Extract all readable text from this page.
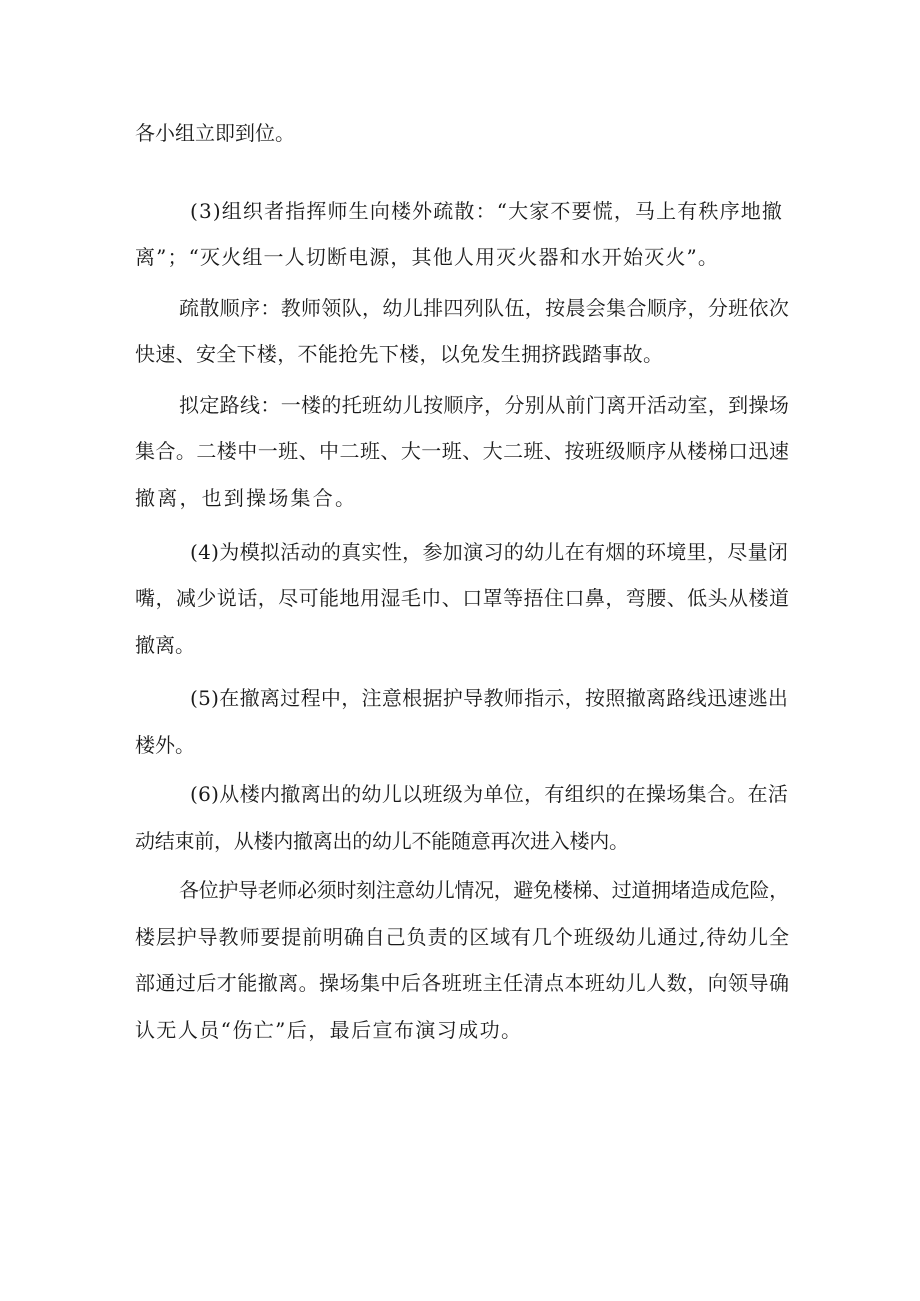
各小组立即到位。
(3)组织者指挥师生向楼外疏散：“大家不要慌，马上有秩序地撤
离”；“灭火组一人切断电源，其他人用灭火器和水开始灭火”。
疏散顺序：教师领队，幼儿排四列队伍，按晨会集合顺序，分班依次
快速、安全下楼，不能抢先下楼，以免发生拥挤践踏事故。
拟定路线：一楼的托班幼儿按顺序，分别从前门离开活动室，到操场
集合。二楼中一班、中二班、大一班、大二班、按班级顺序从楼梯口迅速
撤离，也到操场集合。
(4)为模拟活动的真实性，参加演习的幼儿在有烟的环境里，尽量闭
嘴，减少说话，尽可能地用湿毛巾、口罩等捂住口鼻，弯腰、低头从楼道
撤离。
(5)在撤离过程中，注意根据护导教师指示，按照撤离路线迅速逃出
楼外。
(6)从楼内撤离出的幼儿以班级为单位，有组织的在操场集合。在活
动结束前，从楼内撤离出的幼儿不能随意再次进入楼内。
各位护导老师必须时刻注意幼儿情况，避免楼梯、过道拥堵造成危险，
楼层护导教师要提前明确自己负责的区域有几个班级幼儿通过,待幼儿全
部通过后才能撤离。操场集中后各班班主任清点本班幼儿人数，向领导确
认无人员“伤亡”后，最后宣布演习成功。
